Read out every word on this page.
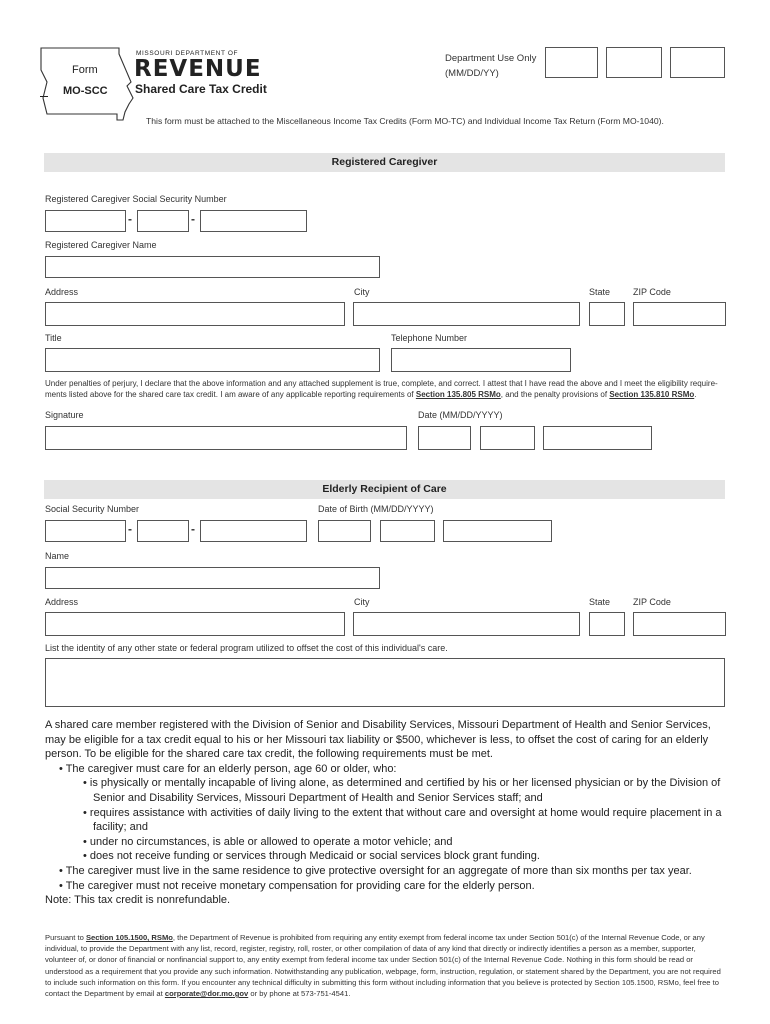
Form
MO-SCC
MISSOURI DEPARTMENT OF
REVENUE
Shared Care Tax Credit
Department Use Only
(MM/DD/YY)
This form must be attached to the Miscellaneous Income Tax Credits (Form MO-TC) and Individual Income Tax Return (Form MO-1040).
Registered Caregiver
Registered Caregiver Social Security Number
-	-
Registered Caregiver Name
Address	City	State	ZIP Code
Title	Telephone Number
Under penalties of perjury, I declare that the above information and any attached supplement is true, complete, and correct. I attest that I have read the above and I meet the eligibility require-
ments listed above for the shared care tax credit. I am aware of any applicable reporting requirements of Section 135.805 RSMo, and the penalty provisions of Section 135.810 RSMo.
Signature	Date (MM/DD/YYYY)
Elderly Recipient of Care
Social Security Number	Date of Birth (MM/DD/YYYY)
-	-
Name
Address	City	State	ZIP Code
List the identity of any other state or federal program utilized to offset the cost of this individual's care.

A shared care member registered with the Division of Senior and Disability Services, Missouri Department of Health and Senior Services, may be eligible for a tax credit equal to his or her Missouri tax liability or $500, whichever is less, to offset the cost of caring for an elderly person. To be eligible for the shared care tax credit, the following requirements must be met.

• The caregiver must care for an elderly person, age 60 or older, who:

• is physically or mentally incapable of living alone, as determined and certified by his or her licensed physician or by the Division of Senior and Disability Services, Missouri Department of Health and Senior Services staff; and

• requires assistance with activities of daily living to the extent that without care and oversight at home would require placement in a facility; and

• under no circumstances, is able or allowed to operate a motor vehicle; and

• does not receive funding or services through Medicaid or social services block grant funding.

• The caregiver must live in the same residence to give protective oversight for an aggregate of more than six months per tax year.

• The caregiver must not receive monetary compensation for providing care for the elderly person.

Note: This tax credit is nonrefundable.

Pursuant to Section 105.1500, RSMo, the Department of Revenue is prohibited from requiring any entity exempt from federal income tax under Section 501(c) of the Internal Revenue Code, or any individual, to provide the Department with any list, record, register, registry, roll, roster, or other compilation of data of any kind that directly or indirectly identifies a person as a member, supporter, volunteer of, or donor of financial or nonfinancial support to, any entity exempt from federal income tax under Section 501(c) of the Internal Revenue Code. Nothing in this form should be read or understood as a requirement that you provide any such information. Notwithstanding any publication, webpage, form, instruction, regulation, or statement shared by the Department, you are not required to include such information on this form. If you encounter any technical difficulty in submitting this form without including information that you believe is protected by Section 105.1500, RSMo, feel free to contact the Department by email at corporate@dor.mo.gov or by phone at 573-751-4541.
